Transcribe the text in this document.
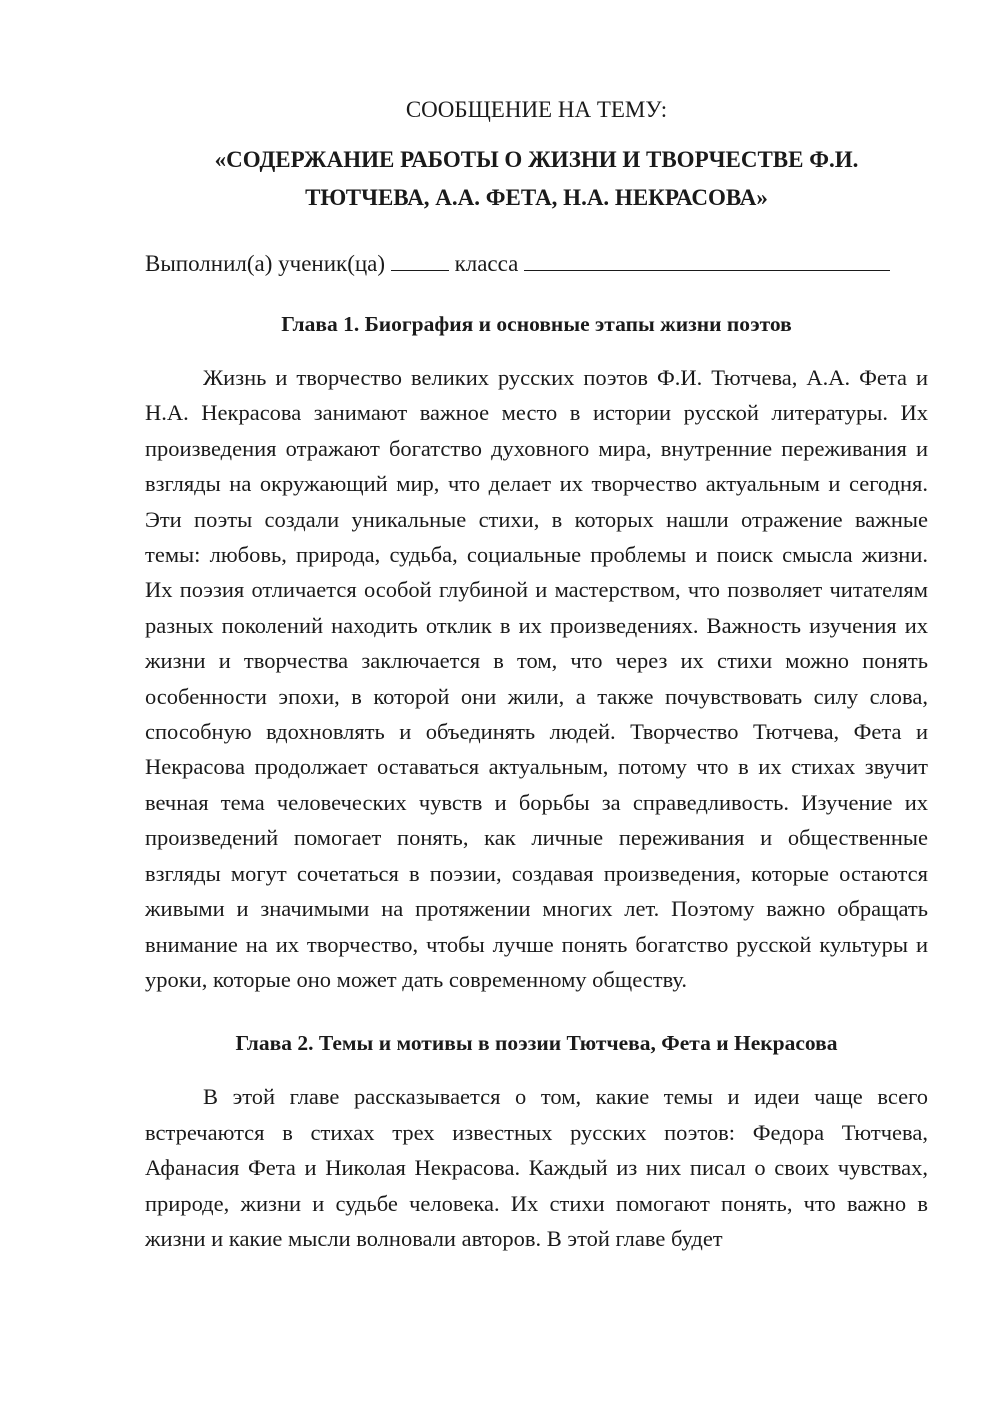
СООБЩЕНИЕ НА ТЕМУ:
«СОДЕРЖАНИЕ РАБОТЫ О ЖИЗНИ И ТВОРЧЕСТВЕ Ф.И.
ТЮТЧЕВА, А.А. ФЕТА, Н.А. НЕКРАСОВА»
Выполнил(а) ученик(ца)	класса
Глава 1. Биография и основные этапы жизни поэтов

Жизнь и творчество великих русских поэтов Ф.И. Тютчева, А.А. Фета и Н.А. Некрасова занимают важное место в истории русской литературы. Их произведения отражают богатство духовного мира, внутренние переживания и взгляды на окружающий мир, что делает их творчество актуальным и сегодня. Эти поэты создали уникальные стихи, в которых нашли отражение важные темы: любовь, природа, судьба, социальные проблемы и поиск смысла жизни. Их поэзия отличается особой глубиной и мастерством, что позволяет читателям разных поколений находить отклик в их произведениях. Важность изучения их жизни и творчества заключается в том, что через их стихи можно понять особенности эпохи, в которой они жили, а также почувствовать силу слова, способную вдохновлять и объединять людей. Творчество Тютчева, Фета и Некрасова продолжает оставаться актуальным, потому что в их стихах звучит вечная тема человеческих чувств и борьбы за справедливость. Изучение их произведений помогает понять, как личные переживания и общественные взгляды могут сочетаться в поэзии, создавая произведения, которые остаются живыми и значимыми на протяжении многих лет. Поэтому важно обращать внимание на их творчество, чтобы лучше понять богатство русской культуры и уроки, которые оно может дать современному обществу.

Глава 2. Темы и мотивы в поэзии Тютчева, Фета и Некрасова

В этой главе рассказывается о том, какие темы и идеи чаще всего встречаются в стихах трех известных русских поэтов: Федора Тютчева, Афанасия Фета и Николая Некрасова. Каждый из них писал о своих чувствах, природе, жизни и судьбе человека. Их стихи помогают понять, что важно в жизни и какие мысли волновали авторов. В этой главе будет
